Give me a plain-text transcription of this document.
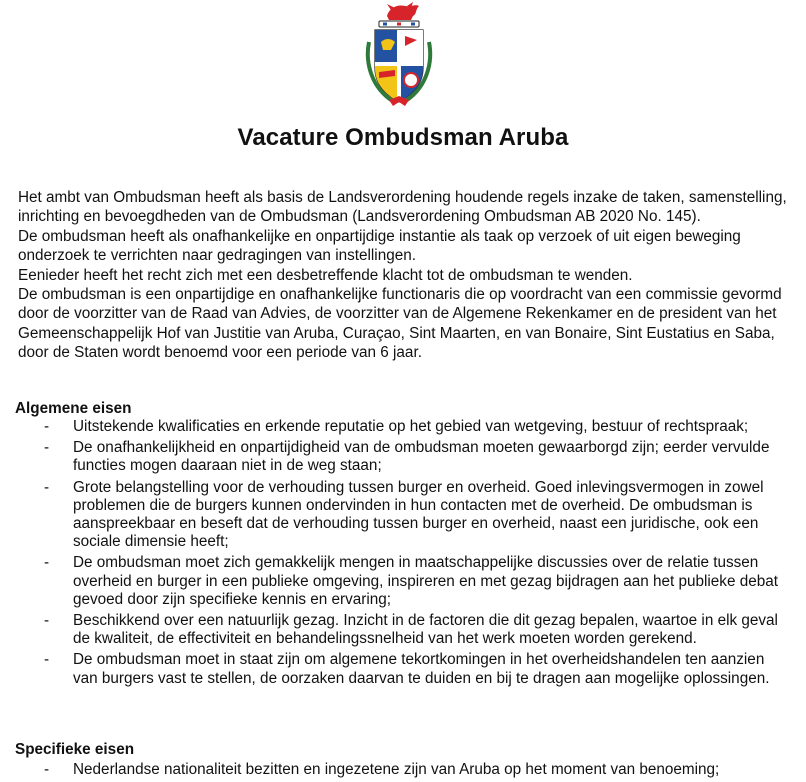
Vacature Ombudsman Aruba

Het ambt van Ombudsman heeft als basis de Landsverordening houdende regels inzake de taken, samenstelling, inrichting en bevoegdheden van de Ombudsman (Landsverordening Ombudsman AB 2020 No. 145).

De ombudsman heeft als onafhankelijke en onpartijdige instantie als taak op verzoek of uit eigen beweging onderzoek te verrichten naar gedragingen van instellingen.

Eenieder heeft het recht zich met een desbetreffende klacht tot de ombudsman te wenden.

De ombudsman is een onpartijdige en onafhankelijke functionaris die op voordracht van een commissie gevormd door de voorzitter van de Raad van Advies, de voorzitter van de Algemene Rekenkamer en de president van het Gemeenschappelijk Hof van Justitie van Aruba, Curaçao, Sint Maarten, en van Bonaire, Sint Eustatius en Saba, door de Staten wordt benoemd voor een periode van 6 jaar.

Algemene eisen
- Uitstekende kwalificaties en erkende reputatie op het gebied van wetgeving, bestuur of rechtspraak;
- De onafhankelijkheid en onpartijdigheid van de ombudsman moeten gewaarborgd zijn; eerder vervulde functies mogen daaraan niet in de weg staan;
- Grote belangstelling voor de verhouding tussen burger en overheid. Goed inlevingsvermogen in zowel problemen die de burgers kunnen ondervinden in hun contacten met de overheid. De ombudsman is aanspreekbaar en beseft dat de verhouding tussen burger en overheid, naast een juridische, ook een sociale dimensie heeft;
- De ombudsman moet zich gemakkelijk mengen in maatschappelijke discussies over de relatie tussen overheid en burger in een publieke omgeving, inspireren en met gezag bijdragen aan het publieke debat gevoed door zijn specifieke kennis en ervaring;
- Beschikkend over een natuurlijk gezag. Inzicht in de factoren die dit gezag bepalen, waartoe in elk geval de kwaliteit, de effectiviteit en behandelingssnelheid van het werk moeten worden gerekend.
- De ombudsman moet in staat zijn om algemene tekortkomingen in het overheidshandelen ten aanzien van burgers vast te stellen, de oorzaken daarvan te duiden en bij te dragen aan mogelijke oplossingen.
Specifieke eisen
- Nederlandse nationaliteit bezitten en ingezetene zijn van Aruba op het moment van benoeming;
